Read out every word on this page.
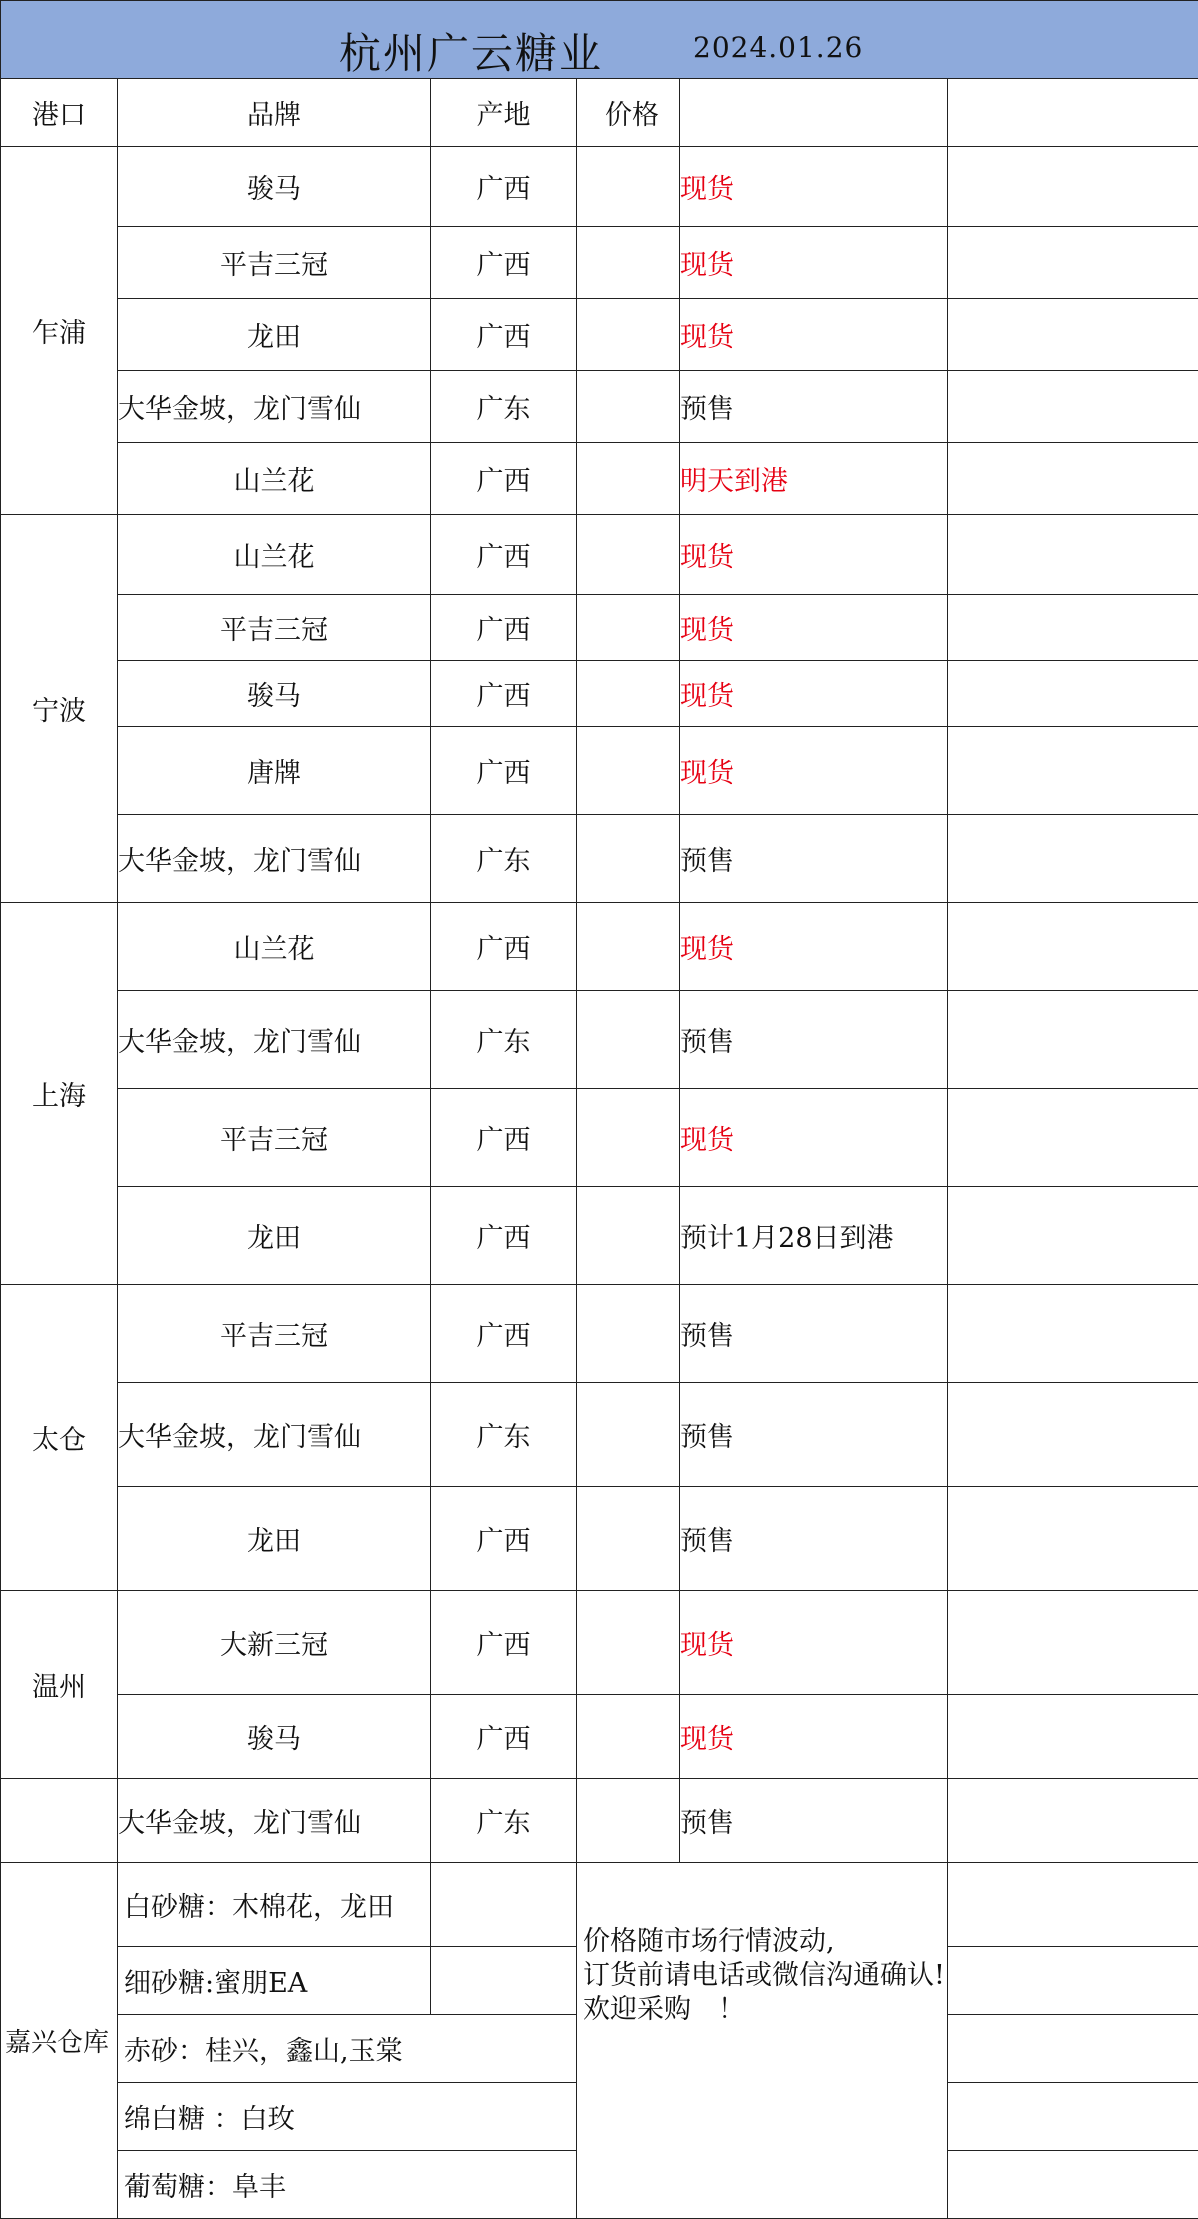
杭州广云糖业 2024.01.26					

港口	品牌	产地	价格		
乍浦	骏马	广西		现货	
	平吉三冠	广西		现货	
	龙田	广西		现货	
	大华金坡，龙门雪仙	广东		预售	
	山兰花	广西		明天到港	
宁波	山兰花	广西		现货	
	平吉三冠	广西		现货	
	骏马	广西		现货	
	唐牌	广西		现货	
	大华金坡，龙门雪仙	广东		预售	
上海	山兰花	广西		现货	
	大华金坡，龙门雪仙	广东		预售	
	平吉三冠	广西		现货	
	龙田	广西		预计1月28日到港	
太仓	平吉三冠	广西		预售	
	大华金坡，龙门雪仙	广东		预售	
	龙田	广西		预售	
温州	大新三冠	广西		现货	
	骏马	广西		现货	
	大华金坡，龙门雪仙	广东		预售	
嘉兴仓库	白砂糖：木棉花，龙田		价格随市场行情波动,
订货前请电话或微信沟通确认!
欢迎采购　！		

	细砂糖:蜜朋EA				
	赤砂：桂兴，鑫山,玉棠				
	绵白糖 ：白玫				
	葡萄糖：阜丰				
